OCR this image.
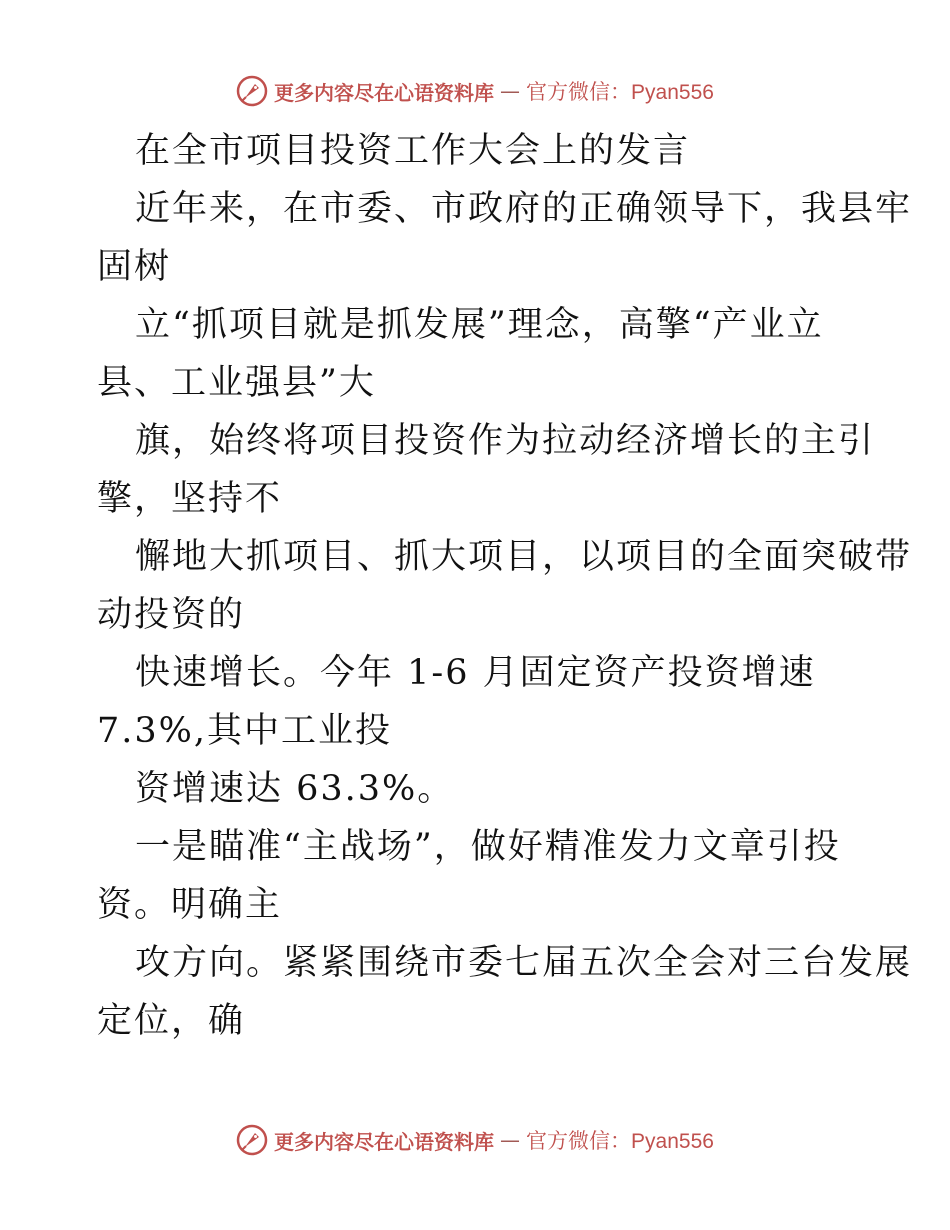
更多内容尽在心语资料库 — 官方微信：Pyan556
在全市项目投资工作大会上的发言
近年来，在市委、市政府的正确领导下，我县牢
固树
立“抓项目就是抓发展”理念，高擎“产业立
县、工业强县”大
旗，始终将项目投资作为拉动经济增长的主引
擎，坚持不
懈地大抓项目、抓大项目，以项目的全面突破带
动投资的
快速增长。今年 1-6 月固定资产投资增速
7.3%,其中工业投
资增速达 63.3%。
一是瞄准“主战场”，做好精准发力文章引投
资。明确主
攻方向。紧紧围绕市委七届五次全会对三台发展
定位，确
更多内容尽在心语资料库 — 官方微信：Pyan556
